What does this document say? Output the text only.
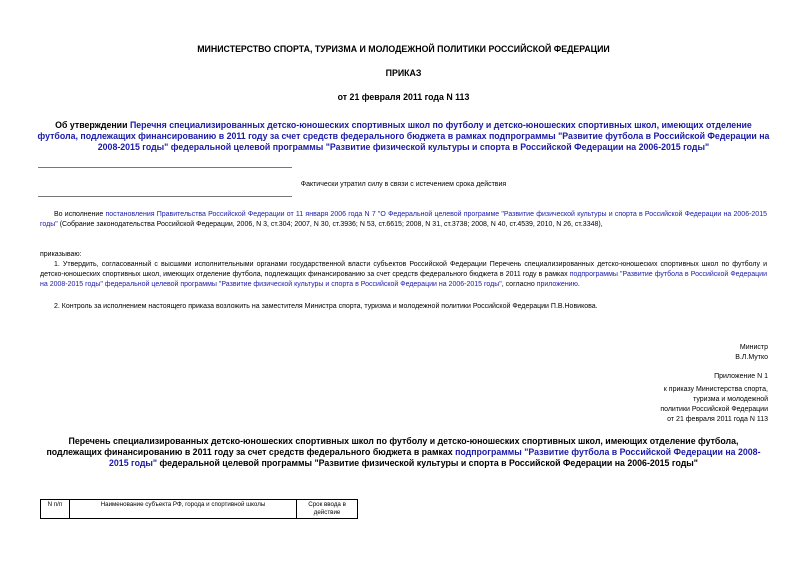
МИНИСТЕРСТВО СПОРТА, ТУРИЗМА И МОЛОДЕЖНОЙ ПОЛИТИКИ РОССИЙСКОЙ ФЕДЕРАЦИИ
ПРИКАЗ
от 21 февраля 2011 года N 113
Об утверждении Перечня специализированных детско-юношеских спортивных школ по футболу и детско-юношеских спортивных школ, имеющих отделение футбола, подлежащих финансированию в 2011 году за счет средств федерального бюджета в рамках подпрограммы "Развитие футбола в Российской Федерации на 2008-2015 годы" федеральной целевой программы "Развитие физической культуры и спорта в Российской Федерации на 2006-2015 годы"
Фактически утратил силу в связи с истечением срока действия
Во исполнение постановления Правительства Российской Федерации от 11 января 2006 года N 7 "О Федеральной целевой программе "Развитие физической культуры и спорта в Российской Федерации на 2006-2015 годы" (Собрание законодательства Российской Федерации, 2006, N 3, ст.304; 2007, N 30, ст.3936; N 53, ст.6615; 2008, N 31, ст.3738; 2008, N 40, ст.4539, 2010, N 26, ст.3348),
приказываю:
1. Утвердить, согласованный с высшими исполнительными органами государственной власти субъектов Российской Федерации Перечень специализированных детско-юношеских спортивных школ по футболу и детско-юношеских спортивных школ, имеющих отделение футбола, подлежащих финансированию за счет средств федерального бюджета в 2011 году в рамках подпрограммы "Развитие футбола в Российской Федерации на 2008-2015 годы" федеральной целевой программы "Развитие физической культуры и спорта в Российской Федерации на 2006-2015 годы", согласно приложению.
2. Контроль за исполнением настоящего приказа возложить на заместителя Министра спорта, туризма и молодежной политики Российской Федерации П.В.Новикова.
Министр
В.Л.Мутко
Приложение N 1
к приказу Министерства спорта,
туризма и молодежной
политики Российской Федерации
от 21 февраля 2011 года N 113
Перечень специализированных детско-юношеских спортивных школ по футболу и детско-юношеских спортивных школ, имеющих отделение футбола, подлежащих финансированию в 2011 году за счет средств федерального бюджета в рамках подпрограммы "Развитие футбола в Российской Федерации на 2008-2015 годы" федеральной целевой программы "Развитие физической культуры и спорта в Российской Федерации на 2006-2015 годы"
N п/п	Наименование субъекта РФ, города и спортивной школы	Срок ввода в действие
